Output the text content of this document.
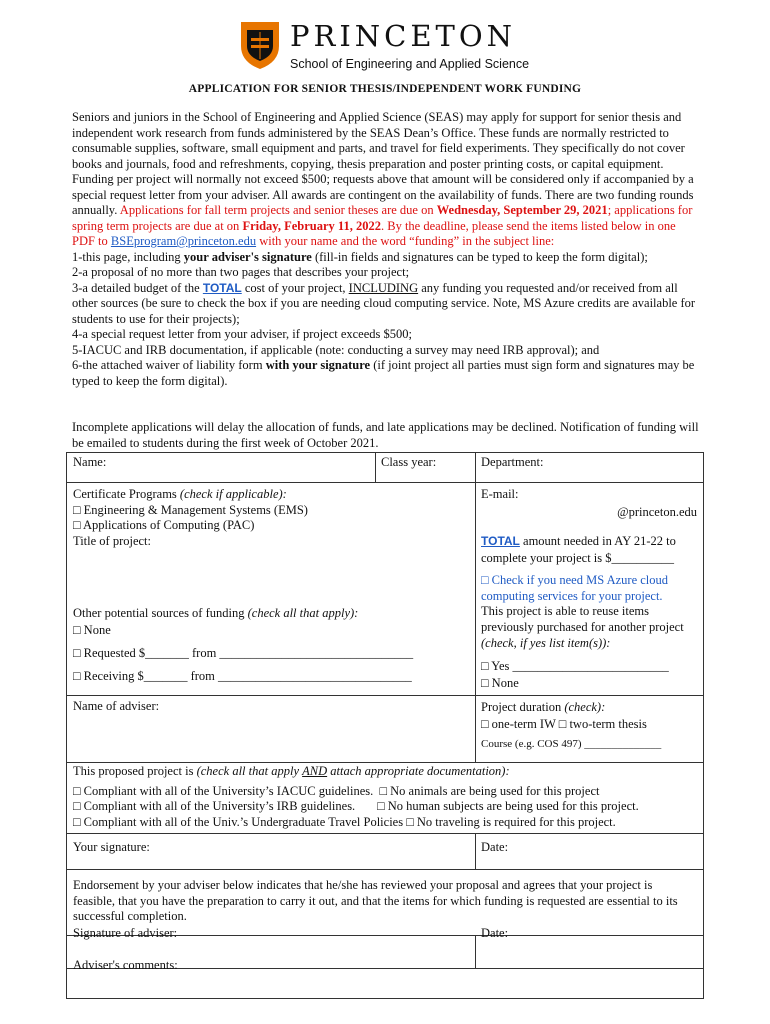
PRINCETON
School of Engineering and Applied Science
APPLICATION FOR SENIOR THESIS/INDEPENDENT WORK FUNDING

Seniors and juniors in the School of Engineering and Applied Science (SEAS) may apply for support for senior thesis and independent work research from funds administered by the SEAS Dean’s Office. These funds are normally restricted to consumable supplies, software, small equipment and parts, and travel for field experiments. They specifically do not cover books and journals, food and refreshments, copying, thesis preparation and poster printing costs, or capital equipment. Funding per project will normally not exceed $500; requests above that amount will be considered only if accompanied by a special request letter from your adviser. All awards are contingent on the availability of funds. There are two funding rounds annually. Applications for fall term projects and senior theses are due on Wednesday, September 29, 2021; applications for spring term projects are due at on Friday, February 11, 2022. By the deadline, please send the items listed below in one PDF to BSEprogram@princeton.edu with your name and the word “funding” in the subject line:

1-this page, including your adviser's signature (fill-in fields and signatures can be typed to keep the form digital);

2-a proposal of no more than two pages that describes your project;

3-a detailed budget of the TOTAL cost of your project, INCLUDING any funding you requested and/or received from all other sources (be sure to check the box if you are needing cloud computing service. Note, MS Azure credits are available for students to use for their projects);

4-a special request letter from your adviser, if project exceeds $500;

5-IACUC and IRB documentation, if applicable (note: conducting a survey may need IRB approval); and

6-the attached waiver of liability form with your signature (if joint project all parties must sign form and signatures may be typed to keep the form digital).

Incomplete applications will delay the allocation of funds, and late applications may be declined. Notification of funding will be emailed to students during the first week of October 2021.
Name:	Class year:	Department:
Certificate Programs (check if applicable):
□ Engineering & Management Systems (EMS)
□ Applications of Computing (PAC)
Title of project:
Other potential sources of funding (check all that apply):
□ None
□ Requested $_______ from _______________________________
□ Receiving $_______ from _______________________________
E-mail:
@princeton.edu
TOTAL amount needed in AY 21-22 to complete your project is $__________
□ Check if you need MS Azure cloud computing services for your project.
This project is able to reuse items previously purchased for another project (check, if yes list item(s)):
□ Yes _________________________
□ None
Name of adviser:	Project duration (check):
□ one-term IW □ two-term thesis
Course (e.g. COS 497) ______________
This proposed project is (check all that apply AND attach appropriate documentation):
□ Compliant with all of the University’s IACUC guidelines. □ No animals are being used for this project
□ Compliant with all of the University’s IRB guidelines. □ No human subjects are being used for this project.
□ Compliant with all of the Univ.’s Undergraduate Travel Policies □ No traveling is required for this project.
Your signature:	Date:
Endorsement by your adviser below indicates that he/she has reviewed your proposal and agrees that your project is feasible, that you have the preparation to carry it out, and that the items for which funding is requested are essential to its successful completion.
Signature of adviser:	Date:
Adviser's comments:
